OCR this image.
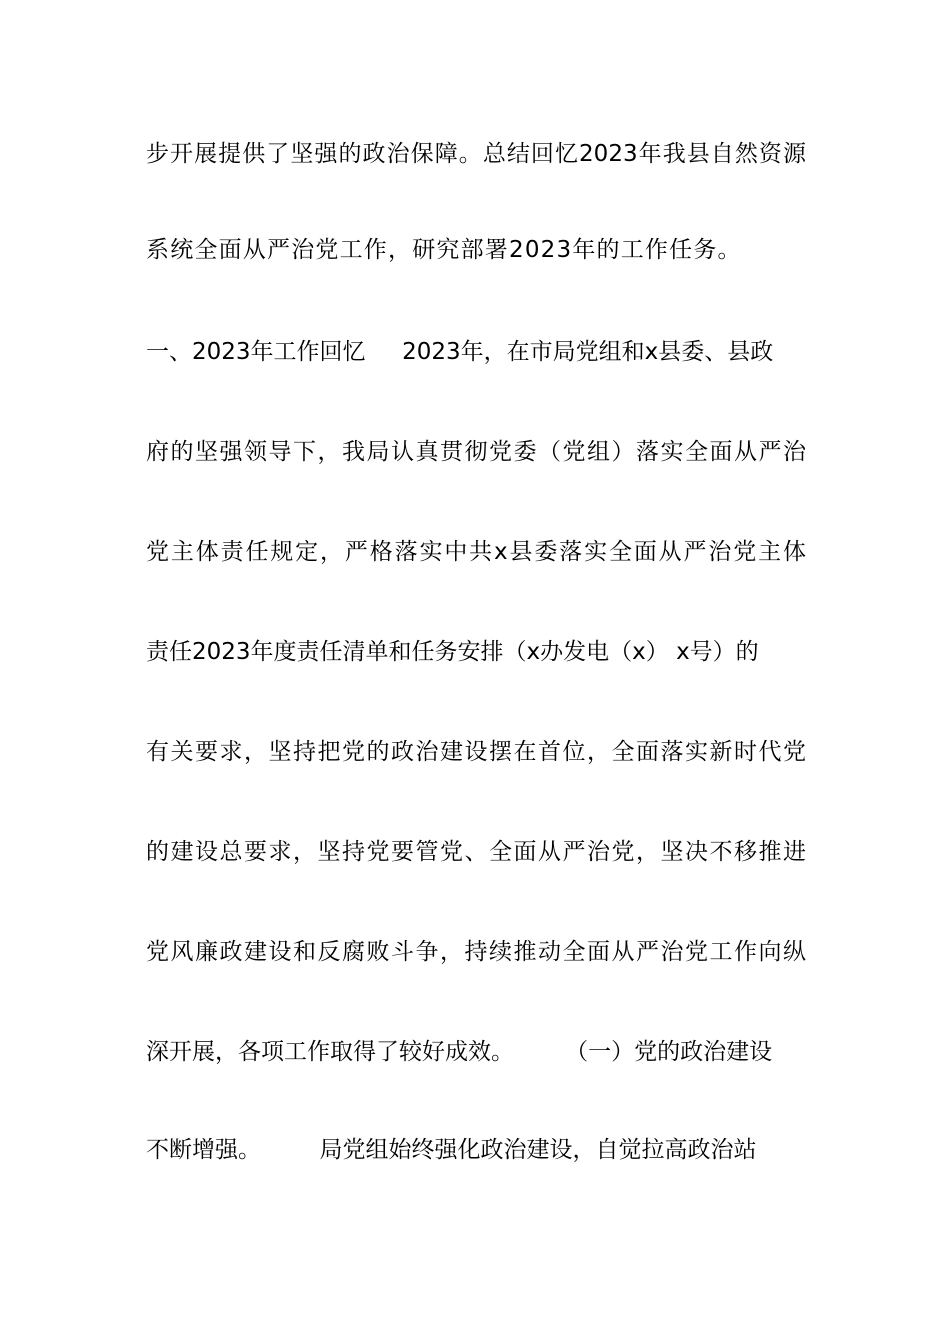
步开展提供了坚强的政治保障。总结回忆2023年我县自然资源
系统全面从严治党工作，研究部署2023年的工作任务。
一、2023年工作回忆     2023年，在市局党组和x县委、县政
府的坚强领导下，我局认真贯彻党委（党组）落实全面从严治
党主体责任规定，严格落实中共x县委落实全面从严治党主体
责任2023年度责任清单和任务安排（x办发电（x） x号）的
有关要求，坚持把党的政治建设摆在首位，全面落实新时代党
的建设总要求，坚持党要管党、全面从严治党，坚决不移推进
党风廉政建设和反腐败斗争，持续推动全面从严治党工作向纵
深开展，各项工作取得了较好成效。       （一）党的政治建设
不断增强。        局党组始终强化政治建设，自觉拉高政治站
